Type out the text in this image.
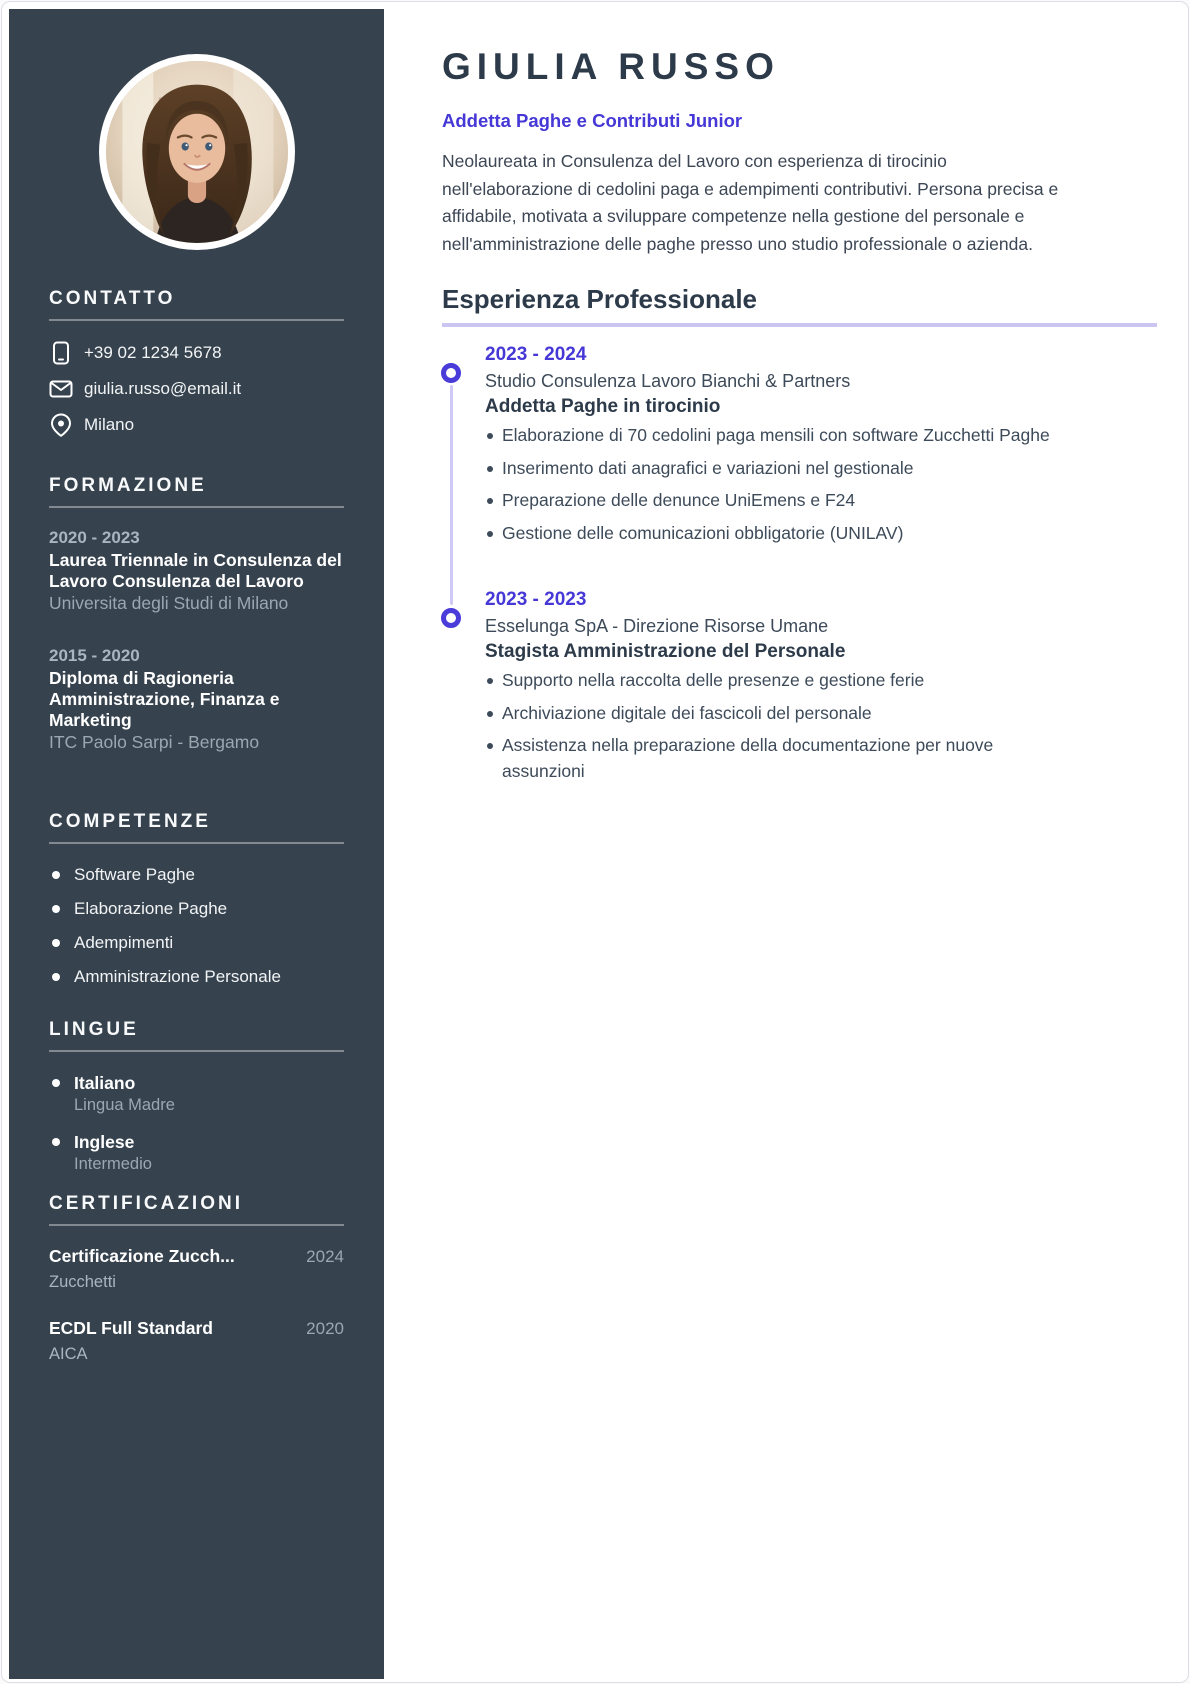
CONTATTO
+39 02 1234 5678
giulia.russo@email.it
Milano
FORMAZIONE
2020 - 2023
Laurea Triennale in Consulenza del Lavoro Consulenza del Lavoro
Universita degli Studi di Milano
2015 - 2020
Diploma di Ragioneria Amministrazione, Finanza e Marketing
ITC Paolo Sarpi - Bergamo
COMPETENZE
Software Paghe
Elaborazione Paghe
Adempimenti
Amministrazione Personale
LINGUE
Italiano
Lingua Madre
Inglese
Intermedio
CERTIFICAZIONI
Certificazione Zucch...	2024
Zucchetti
ECDL Full Standard	2020
AICA
GIULIA RUSSO
Addetta Paghe e Contributi Junior

Neolaureata in Consulenza del Lavoro con esperienza di tirocinio nell'elaborazione di cedolini paga e adempimenti contributivi. Persona precisa e affidabile, motivata a sviluppare competenze nella gestione del personale e nell'amministrazione delle paghe presso uno studio professionale o azienda.

Esperienza Professionale
2023 - 2024
Studio Consulenza Lavoro Bianchi & Partners
Addetta Paghe in tirocinio
Elaborazione di 70 cedolini paga mensili con software Zucchetti Paghe
Inserimento dati anagrafici e variazioni nel gestionale
Preparazione delle denunce UniEmens e F24
Gestione delle comunicazioni obbligatorie (UNILAV)
2023 - 2023
Esselunga SpA - Direzione Risorse Umane
Stagista Amministrazione del Personale
Supporto nella raccolta delle presenze e gestione ferie
Archiviazione digitale dei fascicoli del personale
Assistenza nella preparazione della documentazione per nuove assunzioni
